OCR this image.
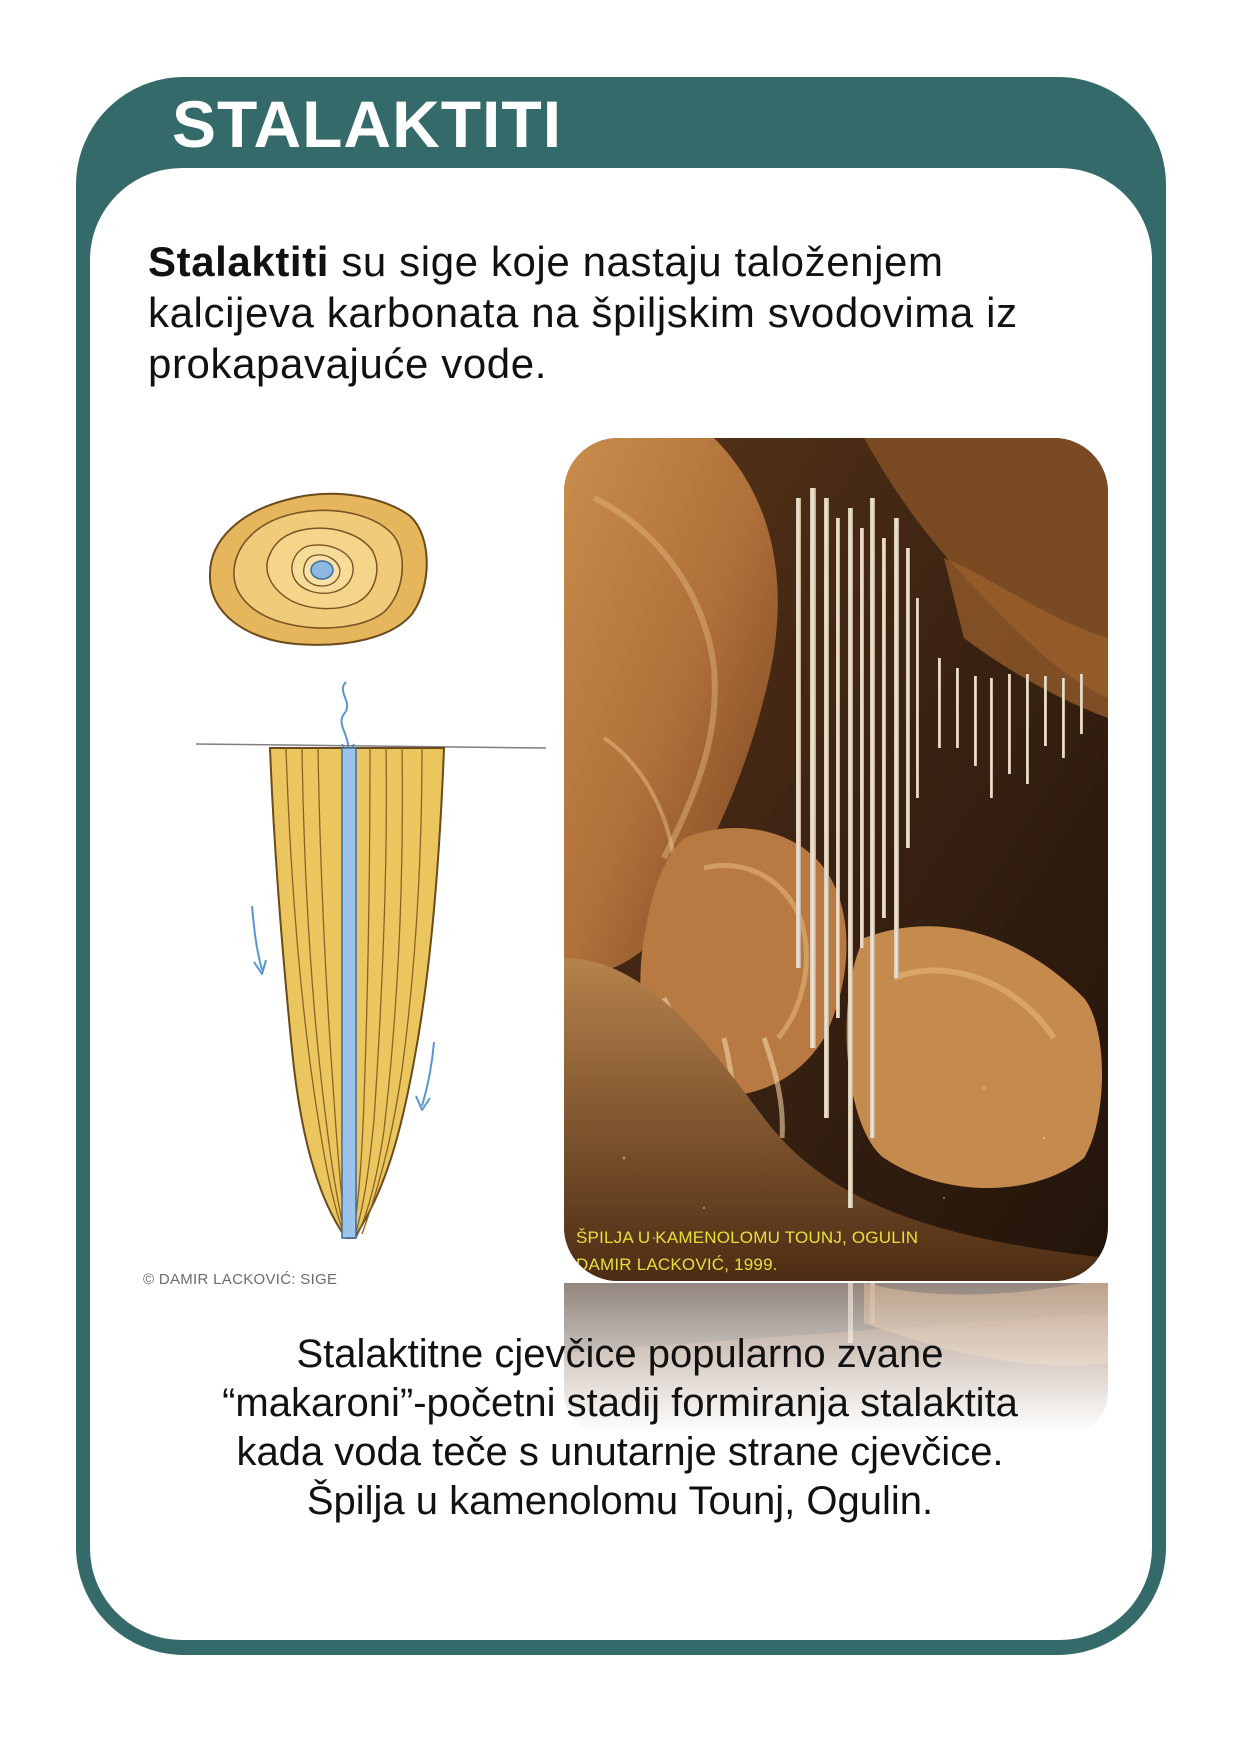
STALAKTITI

Stalaktiti su sige koje nastaju taloženjem kalcijeva karbonata na špiljskim svodovima iz prokapavajuće vode.

© DAMIR LACKOVIĆ: SIGE

ŠPILJA U KAMENOLOMU TOUNJ, OGULIN

DAMIR LACKOVIĆ, 1999.

Stalaktitne cjevčice popularno zvane

“makaroni”-početni stadij formiranja stalaktita

kada voda teče s unutarnje strane cjevčice.

Špilja u kamenolomu Tounj, Ogulin.
